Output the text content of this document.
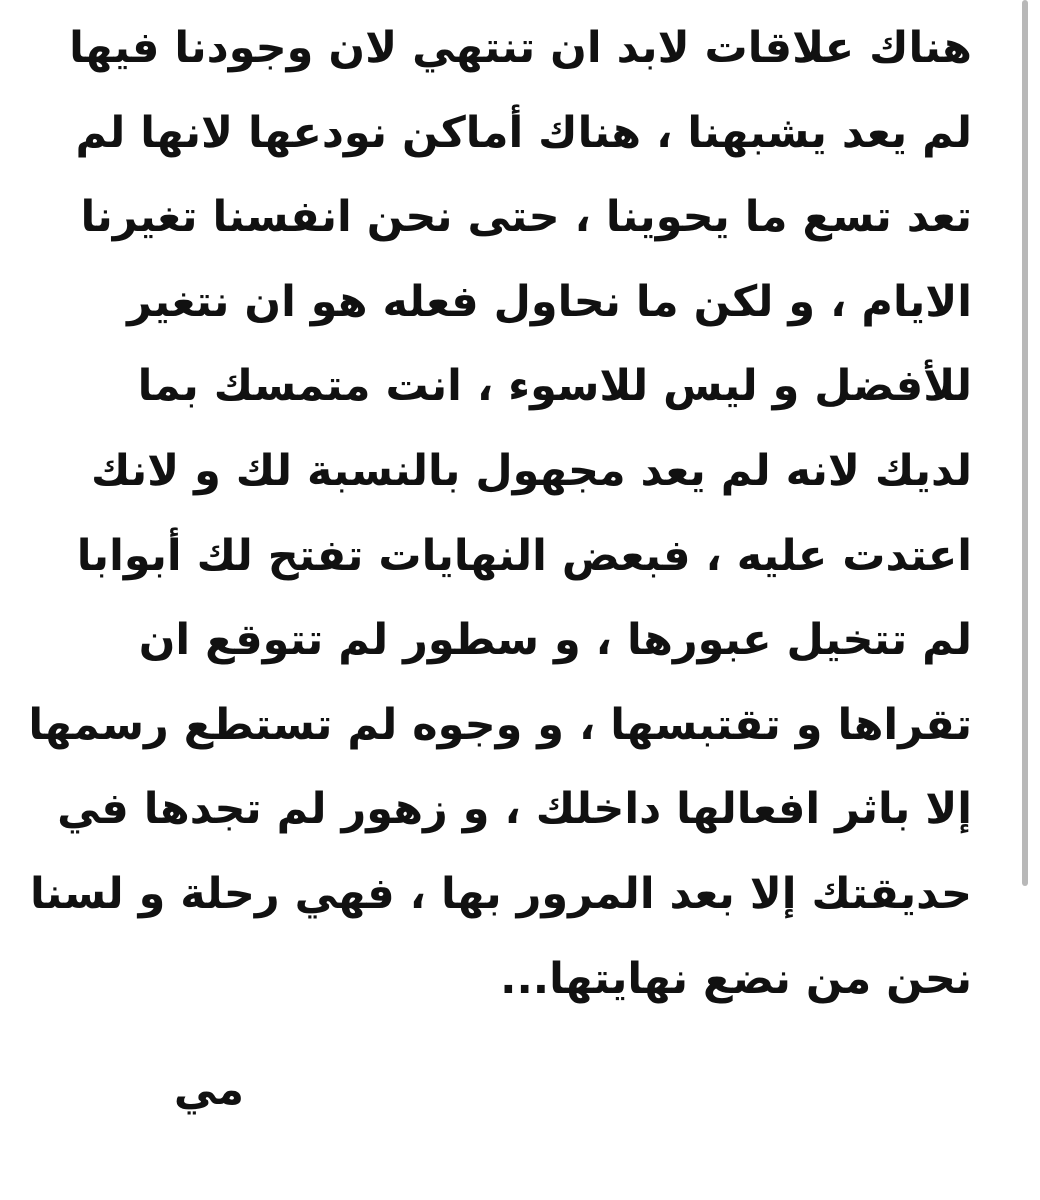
هناك علاقات لابد ان تنتهي لان وجودنا فيها
لم يعد يشبهنا ، هناك أماكن نودعها لانها لم
تعد تسع ما يحوينا ، حتى نحن انفسنا تغيرنا
الايام ، و لكن ما نحاول فعله هو ان نتغير
للأفضل و ليس للاسوء ، انت متمسك بما
لديك لانه لم يعد مجهول بالنسبة لك و لانك
اعتدت عليه ، فبعض النهايات تفتح لك أبوابا
لم تتخيل عبورها ، و سطور لم تتوقع ان
تقراها و تقتبسها ، و وجوه لم تستطع رسمها
إلا باثر افعالها داخلك ، و زهور لم تجدها في
حديقتك إلا بعد المرور بها ، فهي رحلة و لسنا
نحن من نضع نهايتها...
مي
